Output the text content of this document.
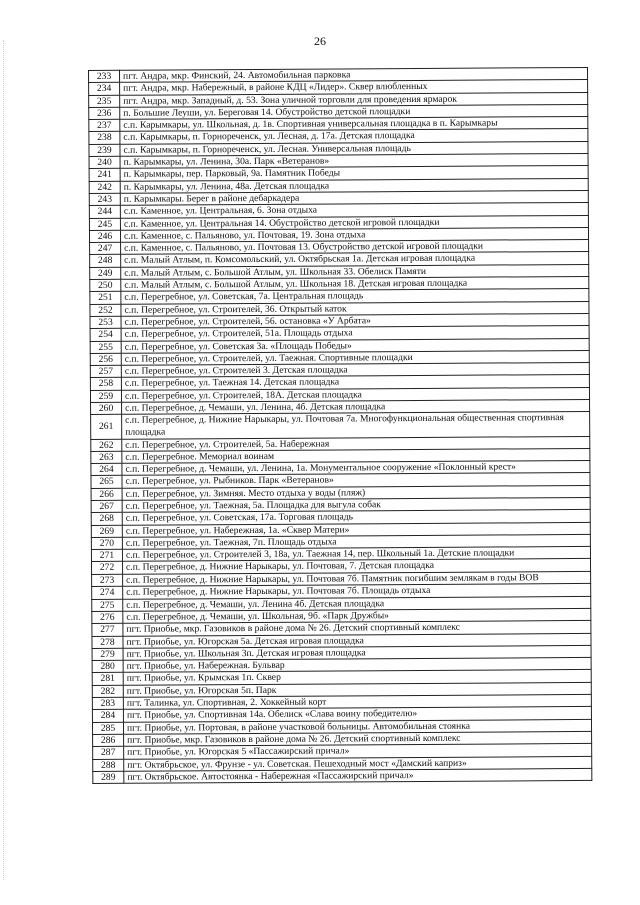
26
233	пгт. Андра, мкр. Финский, 24. Автомобильная парковка
234	пгт. Андра, мкр. Набережный, в районе КДЦ «Лидер». Сквер влюбленных
235	пгт. Андра, мкр. Западный, д. 53. Зона уличной торговли для проведения ярмарок
236	п. Большие Леуши, ул. Береговая 14. Обустройство детской площадки
237	с.п. Карымкары, ул. Школьная, д. 1в. Спортивная универсальная площадка в п. Карымкары
238	с.п. Карымкары, п. Горнореченск, ул. Лесная, д. 17а. Детская площадка
239	с.п. Карымкары, п. Горнореченск, ул. Лесная. Универсальная площадь
240	п. Карымкары, ул. Ленина, 30а. Парк «Ветеранов»
241	п. Карымкары, пер. Парковый, 9а. Памятник Победы
242	п. Карымкары, ул. Ленина, 48а. Детская площадка
243	п. Карымкары. Берег в районе дебаркадера
244	с.п. Каменное, ул. Центральная, 6. Зона отдыха
245	с.п. Каменное, ул. Центральная 14. Обустройство детской игровой площадки
246	с.п. Каменное, с. Пальяново, ул. Почтовая, 19. Зона отдыха
247	с.п. Каменное, с. Пальяново, ул. Почтовая 13. Обустройство детской игровой площадки
248	с.п. Малый Атлым, п. Комсомольский, ул. Октябрьская 1а. Детская игровая площадка
249	с.п. Малый Атлым, с. Большой Атлым, ул. Школьная 33. Обелиск Памяти
250	с.п. Малый Атлым, с. Большой Атлым, ул. Школьная 18. Детская игровая площадка
251	с.п. Перегребное, ул. Советская, 7а. Центральная площадь
252	с.п. Перегребное, ул. Строителей, 36. Открытый каток
253	с.п. Перегребное, ул. Строителей, 56. остановка «У Арбата»
254	с.п. Перегребное, ул. Строителей, 51а. Площадь отдыха
255	с.п. Перегребное, ул. Советская 3а. «Площадь Победы»
256	с.п. Перегребное, ул. Строителей, ул. Таежная. Спортивные площадки
257	с.п. Перегребное, ул. Строителей 3. Детская площадка
258	с.п. Перегребное, ул. Таежная 14. Детская площадка
259	с.п. Перегребное, ул. Строителей, 18А. Детская площадка
260	с.п. Перегребное, д. Чемаши, ул. Ленина, 4б. Детская площадка
261	с.п. Перегребное, д. Нижние Нарыкары, ул. Почтовая 7а. Многофункциональная общественная спортивная площадка
262	с.п. Перегребное, ул. Строителей, 5а. Набережная
263	с.п. Перегребное. Мемориал воинам
264	с.п. Перегребное, д. Чемаши, ул. Ленина, 1а. Монументальное сооружение «Поклонный крест»
265	с.п. Перегребное, ул. Рыбников. Парк «Ветеранов»
266	с.п. Перегребное, ул. Зимняя. Место отдыха у воды (пляж)
267	с.п. Перегребное, ул. Таежная, 5а. Площадка для выгула собак
268	с.п. Перегребное, ул. Советская, 17а. Торговая площадь
269	с.п. Перегребное, ул. Набережная, 1а. «Сквер Матери»
270	с.п. Перегребное, ул. Таежная, 7п. Площадь отдыха
271	с.п. Перегребное, ул. Строителей 3, 18а, ул. Таежная 14, пер. Школьный 1а. Детские площадки
272	с.п. Перегребное, д. Нижние Нарыкары, ул. Почтовая, 7. Детская площадка
273	с.п. Перегребное, д. Нижние Нарыкары, ул. Почтовая 7б. Памятник погибшим землякам в годы ВОВ
274	с.п. Перегребное, д. Нижние Нарыкары, ул. Почтовая 7б. Площадь отдыха
275	с.п. Перегребное, д. Чемаши, ул. Ленина 4б. Детская площадка
276	с.п. Перегребное, д. Чемаши, ул. Школьная, 9б. «Парк Дружбы»
277	пгт. Приобье, мкр. Газовиков в районе дома № 26. Детский спортивный комплекс
278	пгт. Приобье, ул. Югорская 5а. Детская игровая площадка
279	пгт. Приобье, ул. Школьная 3п. Детская игровая площадка
280	пгт. Приобье, ул. Набережная. Бульвар
281	пгт. Приобье, ул. Крымская 1п. Сквер
282	пгт. Приобье, ул. Югорская 5п. Парк
283	пгт. Талинка, ул. Спортивная, 2. Хоккейный корт
284	пгт. Приобье, ул. Спортивная 14а. Обелиск «Слава воину победителю»
285	пгт. Приобье, ул. Портовая, в районе участковой больницы. Автомобильная стоянка
286	пгт. Приобье, мкр. Газовиков в районе дома № 26. Детский спортивный комплекс
287	пгт. Приобье, ул. Югорская 5 «Пассажирский причал»
288	пгт. Октябрьское, ул. Фрунзе - ул. Советская. Пешеходный мост «Дамский каприз»
289	пгт. Октябрьское. Автостоянка - Набережная «Пассажирский причал»
